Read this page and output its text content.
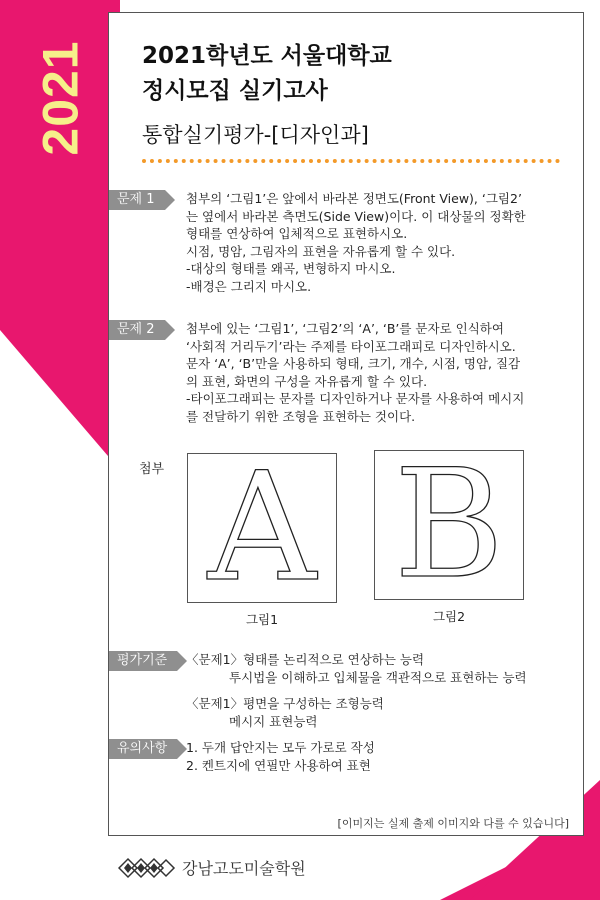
2021 2021학년도 서울대학교
정시모집 실기고사
통합실기평가-[디자인과]
문제 1	첨부의 ‘그림1’은 앞에서 바라본 정면도(Front View), ‘그림2’
는 옆에서 바라본 측면도(Side View)이다. 이 대상물의 정확한
형태를 연상하여 입체적으로 표현하시오.
시점, 명암, 그림자의 표현을 자유롭게 할 수 있다.
-대상의 형태를 왜곡, 변형하지 마시오.
-배경은 그리지 마시오.
문제 2	첨부에 있는 ‘그림1’, ‘그림2’의 ‘A’, ‘B’를 문자로 인식하여
‘사회적 거리두기’라는 주제를 타이포그래피로 디자인하시오.
문자 ‘A’, ‘B’만을 사용하되 형태, 크기, 개수, 시점, 명암, 질감
의 표현, 화면의 구성을 자유롭게 할 수 있다.
-타이포그래피는 문자를 디자인하거나 문자를 사용하여 메시지
를 전달하기 위한 조형을 표현하는 것이다.
첨부 A
그림1
B
그림2
평가기준	〈문제1〉형태를 논리적으로 연상하는 능력
투시법을 이해하고 입체물을 객관적으로 표현하는 능력
〈문제1〉평면을 구성하는 조형능력
메시지 표현능력
유의사항	1. 두개 답안지는 모두 가로로 작성
2. 켄트지에 연필만 사용하여 표현
[이미지는 실제 출제 이미지와 다를 수 있습니다]
강남고도미술학원
